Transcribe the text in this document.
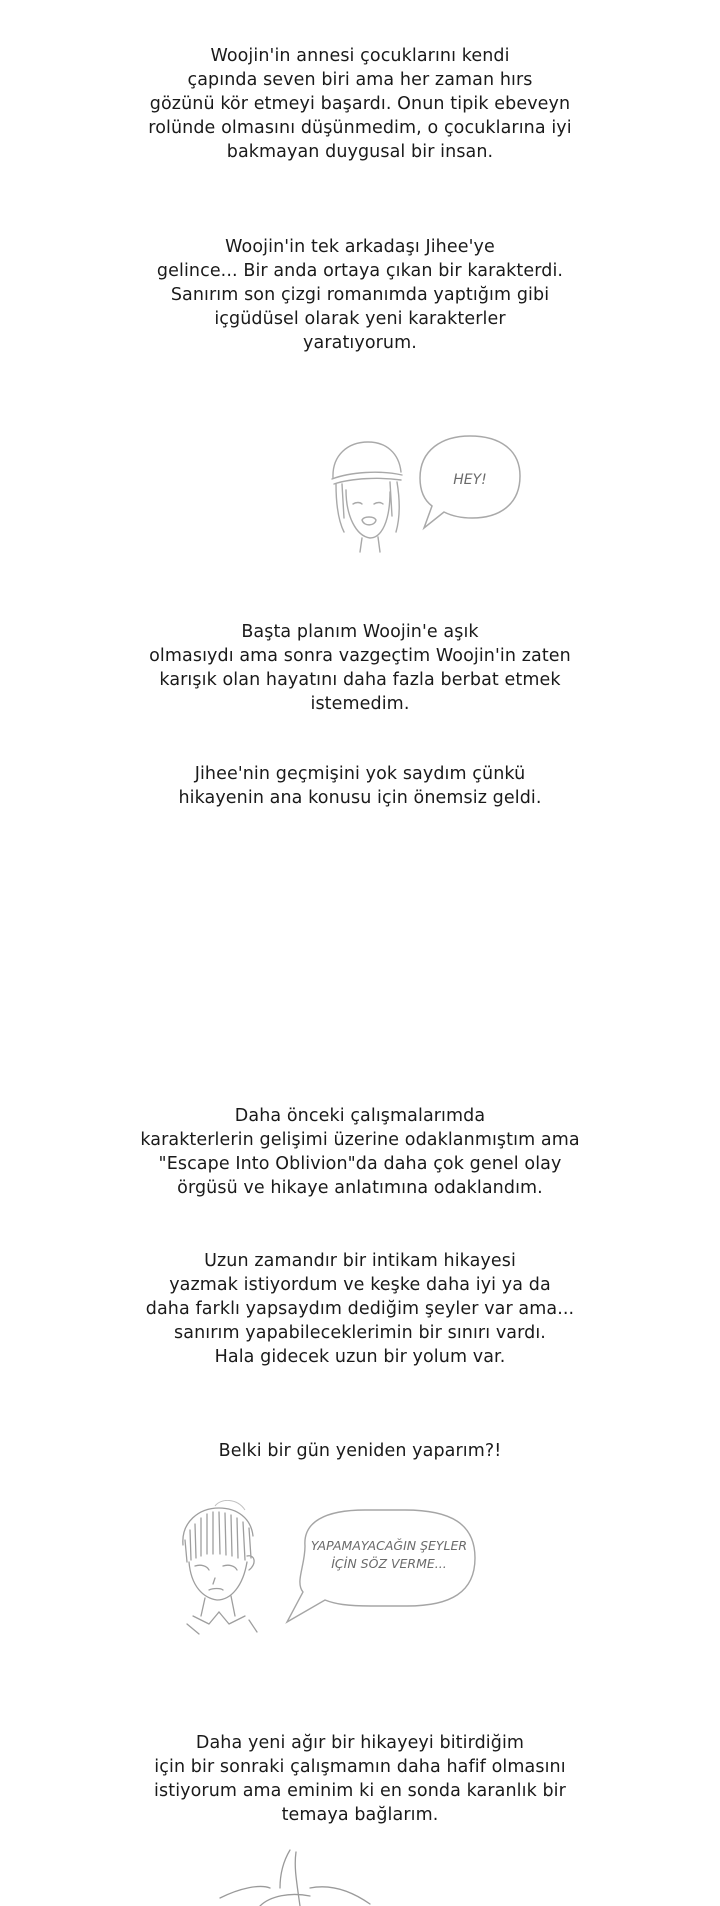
Woojin'in annesi çocuklarını kendi
çapında seven biri ama her zaman hırs
gözünü kör etmeyi başardı. Onun tipik ebeveyn
rolünde olmasını düşünmedim, o çocuklarına iyi
bakmayan duygusal bir insan.
Woojin'in tek arkadaşı Jihee'ye
gelince... Bir anda ortaya çıkan bir karakterdi.
Sanırım son çizgi romanımda yaptığım gibi
içgüdüsel olarak yeni karakterler
yaratıyorum.
HEY!
Başta planım Woojin'e aşık
olmasıydı ama sonra vazgeçtim Woojin'in zaten
karışık olan hayatını daha fazla berbat etmek
istemedim.
Jihee'nin geçmişini yok saydım çünkü
hikayenin ana konusu için önemsiz geldi.
Daha önceki çalışmalarımda
karakterlerin gelişimi üzerine odaklanmıştım ama
"Escape Into Oblivion"da daha çok genel olay
örgüsü ve hikaye anlatımına odaklandım.
Uzun zamandır bir intikam hikayesi
yazmak istiyordum ve keşke daha iyi ya da
daha farklı yapsaydım dediğim şeyler var ama...
sanırım yapabileceklerimin bir sınırı vardı.
Hala gidecek uzun bir yolum var.
Belki bir gün yeniden yaparım?!
YAPAMAYACAĞIN ŞEYLER
İÇİN SÖZ VERME...
Daha yeni ağır bir hikayeyi bitirdiğim
için bir sonraki çalışmamın daha hafif olmasını
istiyorum ama eminim ki en sonda karanlık bir
temaya bağlarım.
